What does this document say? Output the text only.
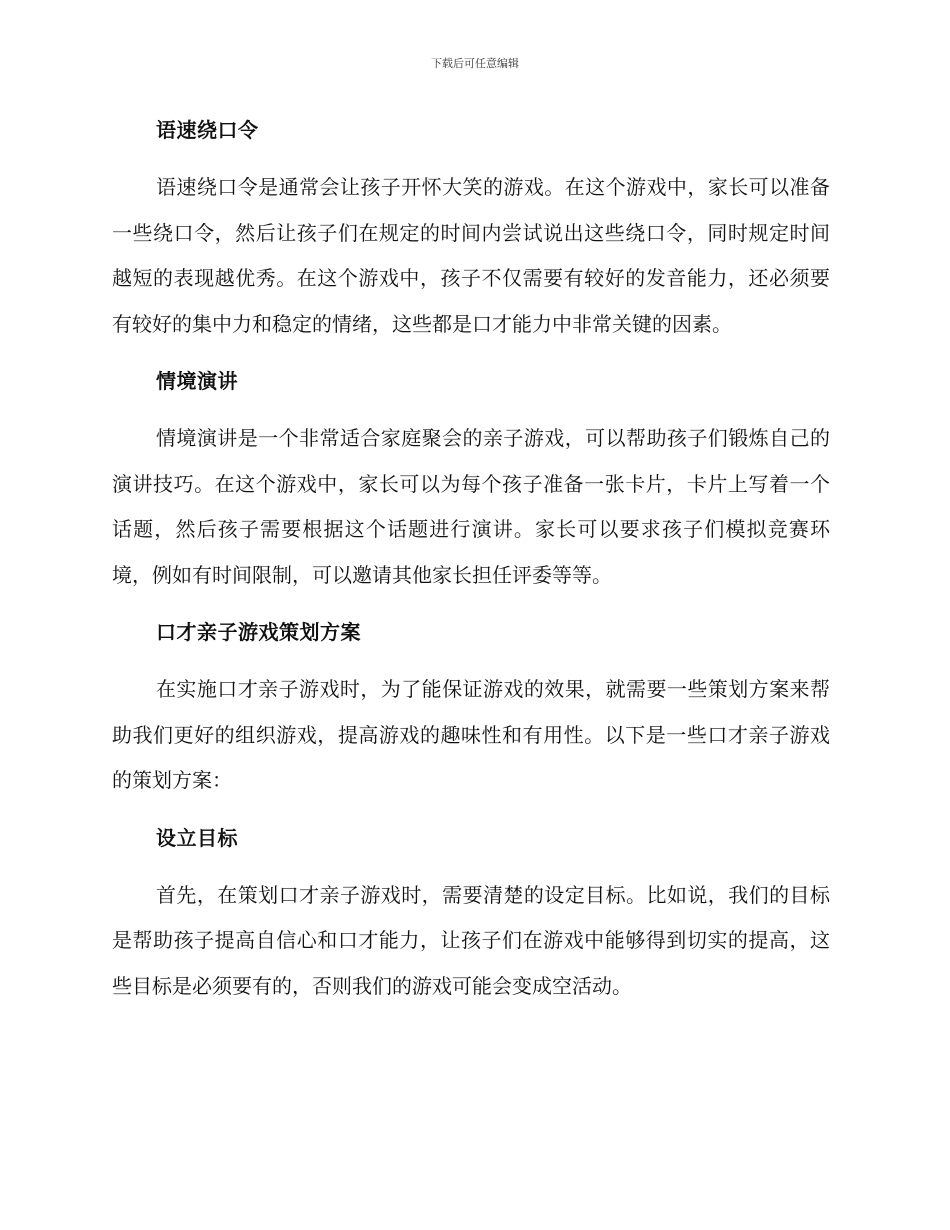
下载后可任意编辑
语速绕口令

语速绕口令是通常会让孩子开怀大笑的游戏。在这个游戏中，家长可以准备一些绕口令，然后让孩子们在规定的时间内尝试说出这些绕口令，同时规定时间越短的表现越优秀。在这个游戏中，孩子不仅需要有较好的发音能力，还必须要有较好的集中力和稳定的情绪，这些都是口才能力中非常关键的因素。

情境演讲

情境演讲是一个非常适合家庭聚会的亲子游戏，可以帮助孩子们锻炼自己的演讲技巧。在这个游戏中，家长可以为每个孩子准备一张卡片，卡片上写着一个话题，然后孩子需要根据这个话题进行演讲。家长可以要求孩子们模拟竞赛环境，例如有时间限制，可以邀请其他家长担任评委等等。

口才亲子游戏策划方案

在实施口才亲子游戏时，为了能保证游戏的效果，就需要一些策划方案来帮助我们更好的组织游戏，提高游戏的趣味性和有用性。以下是一些口才亲子游戏的策划方案：

设立目标

首先，在策划口才亲子游戏时，需要清楚的设定目标。比如说，我们的目标是帮助孩子提高自信心和口才能力，让孩子们在游戏中能够得到切实的提高，这些目标是必须要有的，否则我们的游戏可能会变成空活动。
